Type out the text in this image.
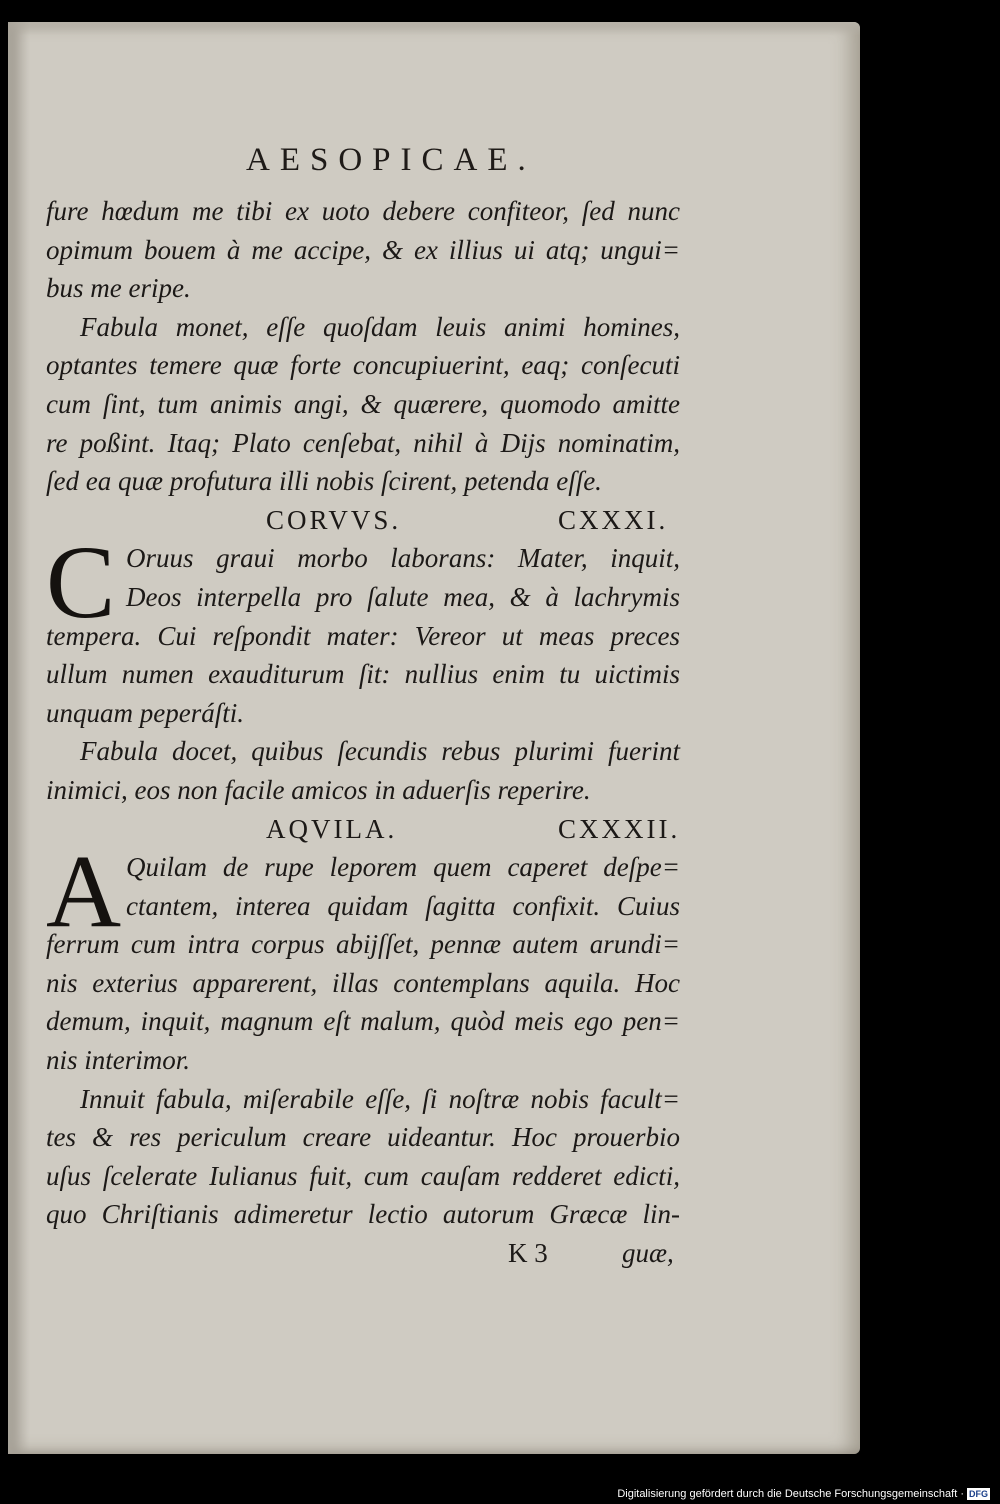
AESOPICAE.
fure hœdum me tibi ex uoto debere confiteor, ſed nunc
opimum bouem à me accipe, & ex illius ui atq; ungui=
bus me eripe.
Fabula monet, eſſe quoſdam leuis animi homines,
optantes temere quæ forte concupiuerint, eaq; conſecuti
cum ſint, tum animis angi, & quærere, quomodo amitte
re poßint. Itaq; Plato cenſebat, nihil à Dijs nominatim,
ſed ea quæ profutura illi nobis ſcirent, petenda eſſe.
CORVVS.	CXXXI.
C Oruus graui morbo laborans: Mater, inquit,
Deos interpella pro ſalute mea, & à lachrymis
tempera. Cui reſpondit mater: Vereor ut meas preces
ullum numen exauditurum ſit: nullius enim tu uictimis
unquam peperáſti.
Fabula docet, quibus ſecundis rebus plurimi fuerint
inimici, eos non facile amicos in aduerſis reperire.
AQVILA.	CXXXII.
A Quilam de rupe leporem quem caperet deſpe=
ctantem, interea quidam ſagitta confixit. Cuius
ferrum cum intra corpus abijſſet, pennæ autem arundi=
nis exterius apparerent, illas contemplans aquila. Hoc
demum, inquit, magnum eſt malum, quòd meis ego pen=
nis interimor.
Innuit fabula, miſerabile eſſe, ſi noſtræ nobis facult=
tes & res periculum creare uideantur. Hoc prouerbio
uſus ſcelerate Iulianus fuit, cum cauſam redderet edicti,
quo Chriſtianis adimeretur lectio autorum Græcæ lin-
K 3	guæ,
Digitalisierung gefördert durch die Deutsche Forschungsgemeinschaft · DFG
